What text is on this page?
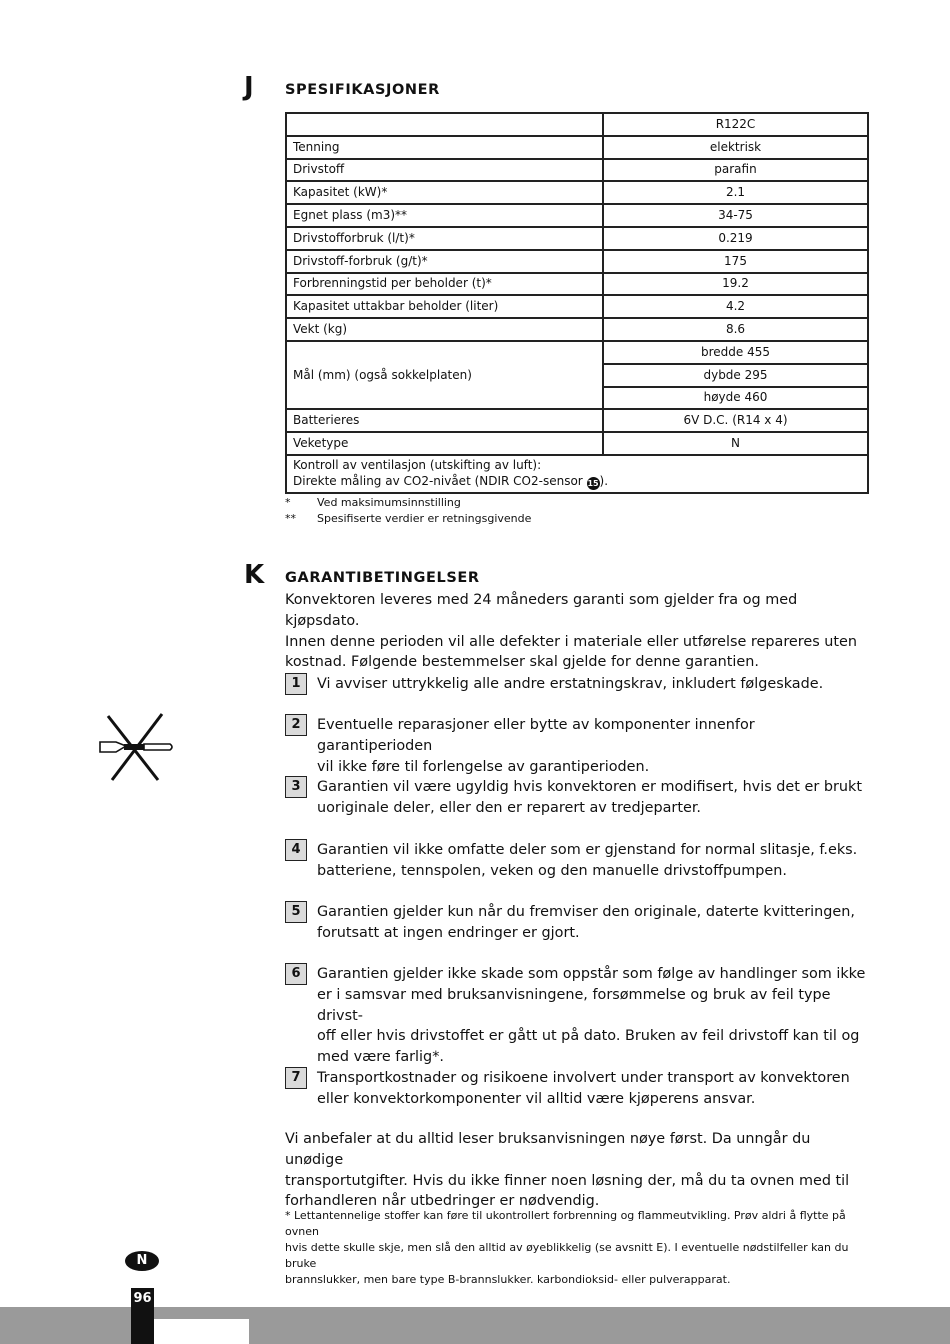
J SPESIFIKASJONER
	R122C
Tenning	elektrisk
Drivstoff	parafin
Kapasitet (kW)*	2.1
Egnet plass (m3)**	34-75
Drivstofforbruk (l/t)*	0.219
Drivstoff-forbruk (g/t)*	175
Forbrenningstid per beholder (t)*	19.2
Kapasitet uttakbar beholder (liter)	4.2
Vekt (kg)	8.6
Mål (mm) (også sokkelplaten)	bredde 455
	dybde 295
	høyde 460
Batterieres	6V D.C. (R14 x 4)
Veketype	N

Kontroll av ventilasjon (utskifting av luft):
Direkte måling av CO2-nivået (NDIR CO2-sensor 15).	
* Ved maksimumsinnstilling
** Spesifiserte verdier er retningsgivende
K GARANTIBETINGELSER
Konvektoren leveres med 24 måneders garanti som gjelder fra og med kjøpsdato.
Innen denne perioden vil alle defekter i materiale eller utførelse repareres uten
kostnad. Følgende bestemmelser skal gjelde for denne garantien.
1	Vi avviser uttrykkelig alle andre erstatningskrav, inkludert følgeskade.
2	Eventuelle reparasjoner eller bytte av komponenter innenfor garantiperioden
vil ikke føre til forlengelse av garantiperioden.
3	Garantien vil være ugyldig hvis konvektoren er modifisert, hvis det er brukt
uoriginale deler, eller den er reparert av tredjeparter.
4	Garantien vil ikke omfatte deler som er gjenstand for normal slitasje, f.eks.
batteriene, tennspolen, veken og den manuelle drivstoffpumpen.
5	Garantien gjelder kun når du fremviser den originale, daterte kvitteringen,
forutsatt at ingen endringer er gjort.
6	Garantien gjelder ikke skade som oppstår som følge av handlinger som ikke
er i samsvar med bruksanvisningene, forsømmelse og bruk av feil type drivst-
off eller hvis drivstoffet er gått ut på dato. Bruken av feil drivstoff kan til og
med være farlig*.
7	Transportkostnader og risikoene involvert under transport av konvektoren
eller konvektorkomponenter vil alltid være kjøperens ansvar.
Vi anbefaler at du alltid leser bruksanvisningen nøye først. Da unngår du unødige
transportutgifter. Hvis du ikke finner noen løsning der, må du ta ovnen med til
forhandleren når utbedringer er nødvendig.
* Lettantennelige stoffer kan føre til ukontrollert forbrenning og flammeutvikling. Prøv aldri å flytte på ovnen
hvis dette skulle skje, men slå den alltid av øyeblikkelig (se avsnitt E). I eventuelle nødstilfeller kan du bruke
brannslukker, men bare type B-brannslukker. karbondioksid- eller pulverapparat.
N
96
